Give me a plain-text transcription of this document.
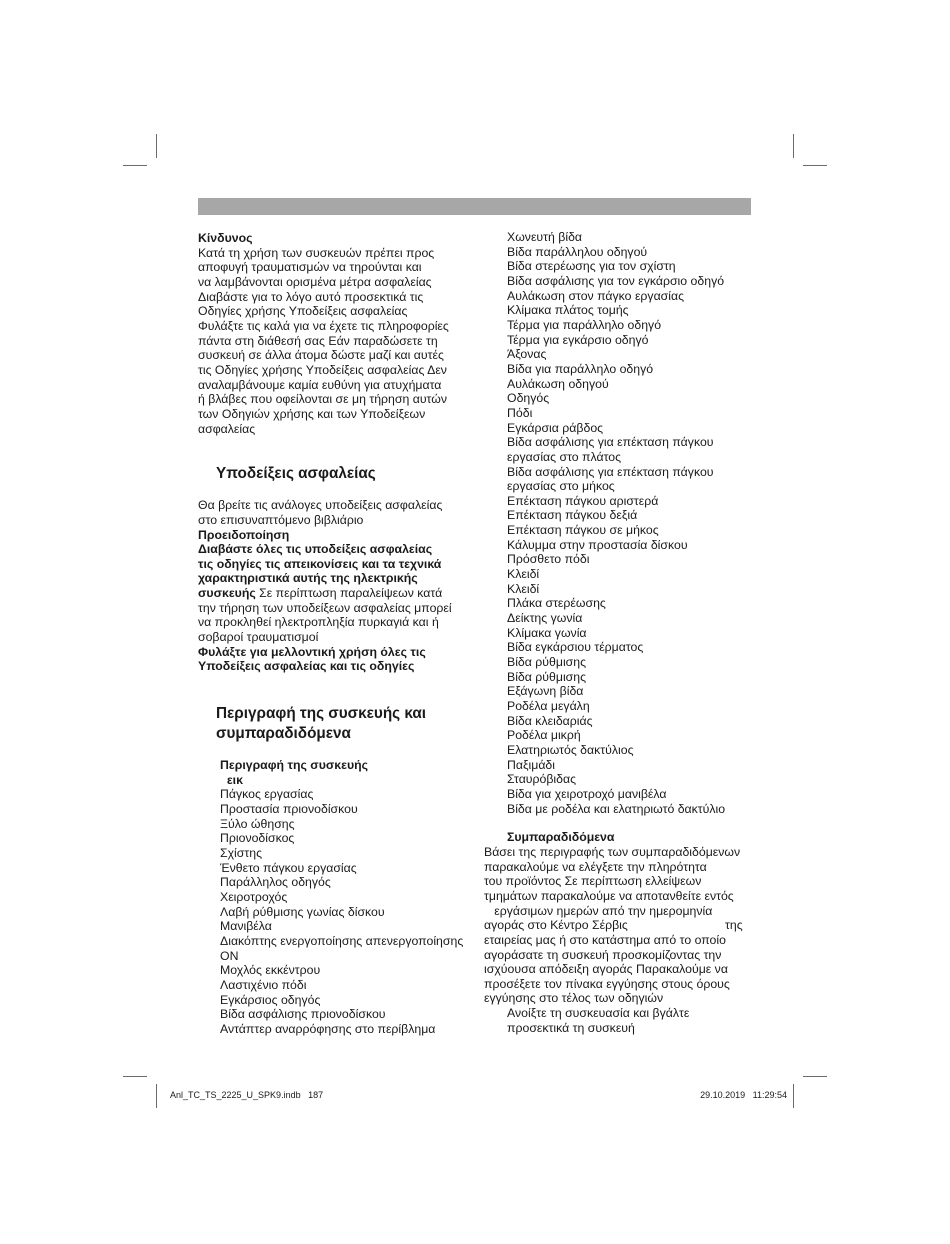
Κίνδυνος

Κατά τη χρήση των συσκευών πρέπει προς
αποφυγή τραυματισμών να τηρούνται και
να λαμβάνονται ορισμένα μέτρα ασφαλείας
Διαβάστε για το λόγο αυτό προσεκτικά τις
Οδηγίες χρήσης Υποδείξεις ασφαλείας
Φυλάξτε τις καλά για να έχετε τις πληροφορίες
πάντα στη διάθεσή σας Εάν παραδώσετε τη
συσκευή σε άλλα άτομα δώστε μαζί και αυτές
τις Οδηγίες χρήσης Υποδείξεις ασφαλείας Δεν
αναλαμβάνουμε καμία ευθύνη για ατυχήματα
ή βλάβες που οφείλονται σε μη τήρηση αυτών
των Οδηγιών χρήσης και των Υποδείξεων
ασφαλείας

Υποδείξεις ασφαλείας

Θα βρείτε τις ανάλογες υποδείξεις ασφαλείας
στο επισυναπτόμενο βιβλιάριο

Προειδοποίηση

Διαβάστε όλες τις υποδείξεις ασφαλείας
τις οδηγίες τις απεικονίσεις και τα τεχνικά
χαρακτηριστικά αυτής της ηλεκτρικής
συσκευής Σε περίπτωση παραλείψεων κατά
την τήρηση των υποδείξεων ασφαλείας μπορεί
να προκληθεί ηλεκτροπληξία πυρκαγιά και ή
σοβαροί τραυματισμοί

Φυλάξτε για μελλοντική χρήση όλες τις
Υποδείξεις ασφαλείας και τις οδηγίες

Περιγραφή της συσκευής και
συμπαραδιδόμενα

Περιγραφή της συσκευής
εικ

Πάγκος εργασίας
Προστασία πριονοδίσκου
Ξύλο ώθησης
Πριονοδίσκος
Σχίστης
Ένθετο πάγκου εργασίας
Παράλληλος οδηγός
Χειροτροχός
Λαβή ρύθμισης γωνίας δίσκου
Μανιβέλα
Διακόπτης ενεργοποίησης απενεργοποίησης
ΟΝ
Μοχλός εκκέντρου
Λαστιχένιο πόδι
Εγκάρσιος οδηγός
Βίδα ασφάλισης πριονοδίσκου
Αντάπτερ αναρρόφησης στο περίβλημα
Χωνευτή βίδα
Βίδα παράλληλου οδηγού
Βίδα στερέωσης για τον σχίστη
Βίδα ασφάλισης για τον εγκάρσιο οδηγό
Αυλάκωση στον πάγκο εργασίας
Κλίμακα πλάτος τομής
Τέρμα για παράλληλο οδηγό
Τέρμα για εγκάρσιο οδηγό
Άξονας
Βίδα για παράλληλο οδηγό
Αυλάκωση οδηγού
Οδηγός
Πόδι
Εγκάρσια ράβδος
Βίδα ασφάλισης για επέκταση πάγκου
εργασίας στο πλάτος
Βίδα ασφάλισης για επέκταση πάγκου
εργασίας στο μήκος
Επέκταση πάγκου αριστερά
Επέκταση πάγκου δεξιά
Επέκταση πάγκου σε μήκος
Κάλυμμα στην προστασία δίσκου
Πρόσθετο πόδι
Κλειδί
Κλειδί
Πλάκα στερέωσης
Δείκτης γωνία
Κλίμακα γωνία
Βίδα εγκάρσιου τέρματος
Βίδα ρύθμισης
Βίδα ρύθμισης
Εξάγωνη βίδα
Ροδέλα μεγάλη
Βίδα κλειδαριάς
Ροδέλα μικρή
Ελατηριωτός δακτύλιος
Παξιμάδι
Σταυρόβιδας
Βίδα για χειροτροχό μανιβέλα
Βίδα με ροδέλα και ελατηριωτό δακτύλιο

Συμπαραδιδόμενα

Βάσει της περιγραφής των συμπαραδιδόμενων
παρακαλούμε να ελέγξετε την πληρότητα
του προϊόντος Σε περίπτωση ελλείψεων
τμημάτων παρακαλούμε να αποτανθείτε εντός
εργάσιμων ημερών από την ημερομηνία
αγοράς στο Κέντρο Σέρβις	της
εταιρείας μας ή στο κατάστημα από το οποίο
αγοράσατε τη συσκευή προσκομίζοντας την
ισχύουσα απόδειξη αγοράς Παρακαλούμε να
προσέξετε τον πίνακα εγγύησης στους όρους
εγγύησης στο τέλος των οδηγιών

Ανοίξτε τη συσκευασία και βγάλτε
προσεκτικά τη συσκευή

Anl_TC_TS_2225_U_SPK9.indb   187	29.10.2019   11:29:54
